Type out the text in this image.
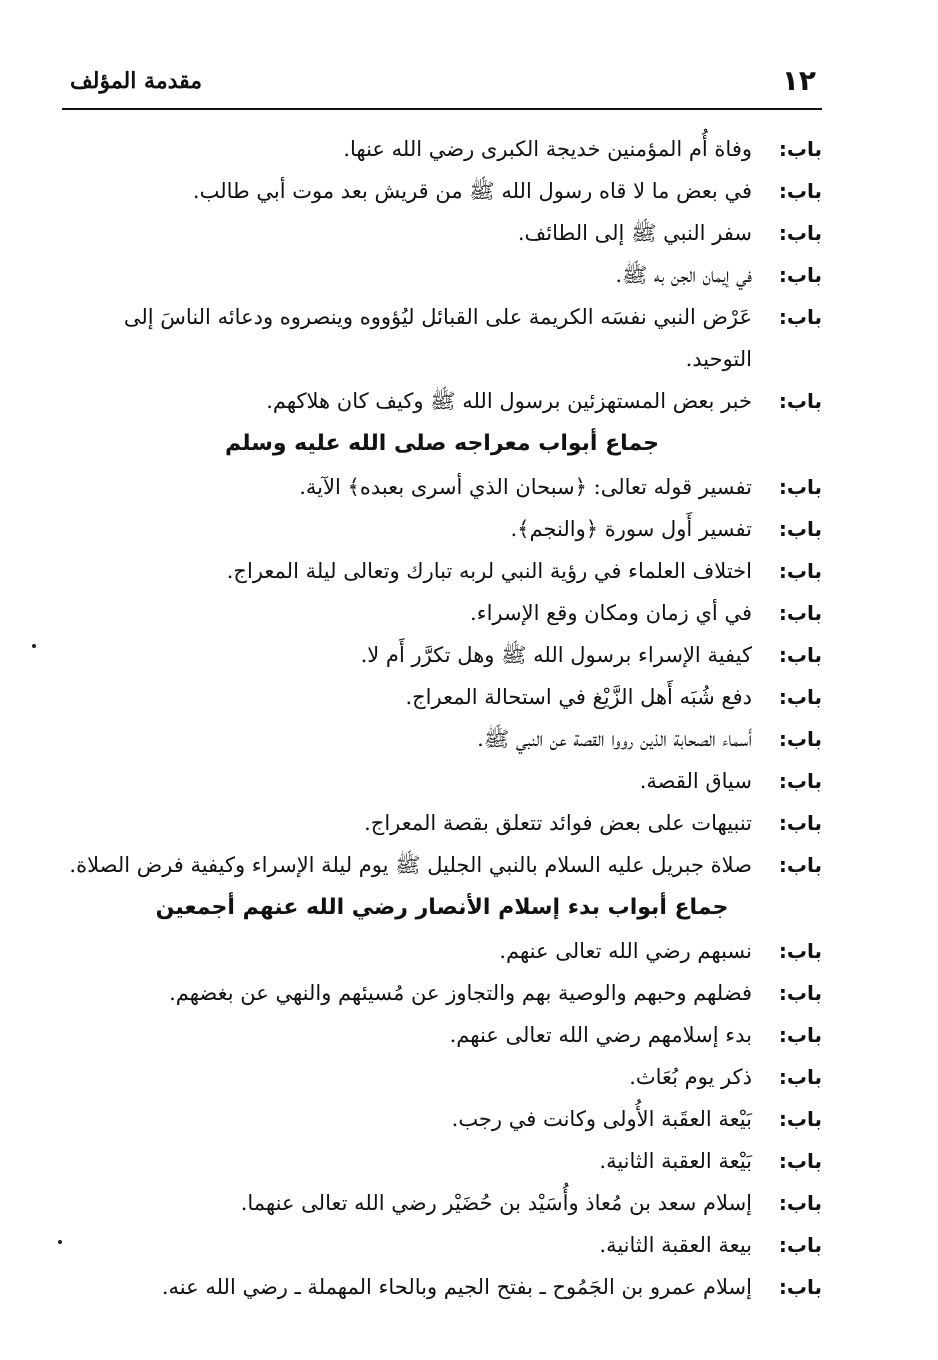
١٢
مقدمة المؤلف
باب:
وفاة أُم المؤمنين خديجة الكبرى رضي الله عنها.
باب:
في بعض ما لا قاه رسول الله ﷺ من قريش بعد موت أبي طالب.
باب:
سفر النبي ﷺ إلى الطائف.
باب:
في إيمان الجن به ﷺ.
باب:
عَرْض النبي نفسَه الكريمة على القبائل ليُؤووه وينصروه ودعائه الناسَ إلى التوحيد.
باب:
خبر بعض المستهزئين برسول الله ﷺ وكيف كان هلاكهم.
جماع أبواب معراجه صلى الله عليه وسلم
باب:
تفسير قوله تعالى: ﴿سبحان الذي أسرى بعبده﴾ الآية.
باب:
تفسير أَول سورة ﴿والنجم﴾.
باب:
اختلاف العلماء في رؤية النبي لربه تبارك وتعالى ليلة المعراج.
باب:
في أي زمان ومكان وقع الإسراء.
باب:
كيفية الإسراء برسول الله ﷺ وهل تكرَّر أَم لا.
باب:
دفع شُبَه أَهل الزَّيْغ في استحالة المعراج.
باب:
أَسماء الصحابة الذين رووا القصة عن النبي ﷺ.
باب:
سياق القصة.
باب:
تنبيهات على بعض فوائد تتعلق بقصة المعراج.
باب:
صلاة جبريل عليه السلام بالنبي الجليل ﷺ يوم ليلة الإسراء وكيفية فرض الصلاة.
جماع أبواب بدء إسلام الأنصار رضي الله عنهم أجمعين
باب:
نسبهم رضي الله تعالى عنهم.
باب:
فضلهم وحبهم والوصية بهم والتجاوز عن مُسيئهم والنهي عن بغضهم.
باب:
بدء إسلامهم رضي الله تعالى عنهم.
باب:
ذكر يوم بُعَاث.
باب:
بَيْعة العقَبة الأُولى وكانت في رجب.
باب:
بَيْعة العقبة الثانية.
باب:
إسلام سعد بن مُعاذ وأُسَيْد بن حُضَيْر رضي الله تعالى عنهما.
باب:
بيعة العقبة الثانية.
باب:
إسلام عمرو بن الجَمُوح ـ بفتح الجيم وبالحاء المهملة ـ رضي الله عنه.
